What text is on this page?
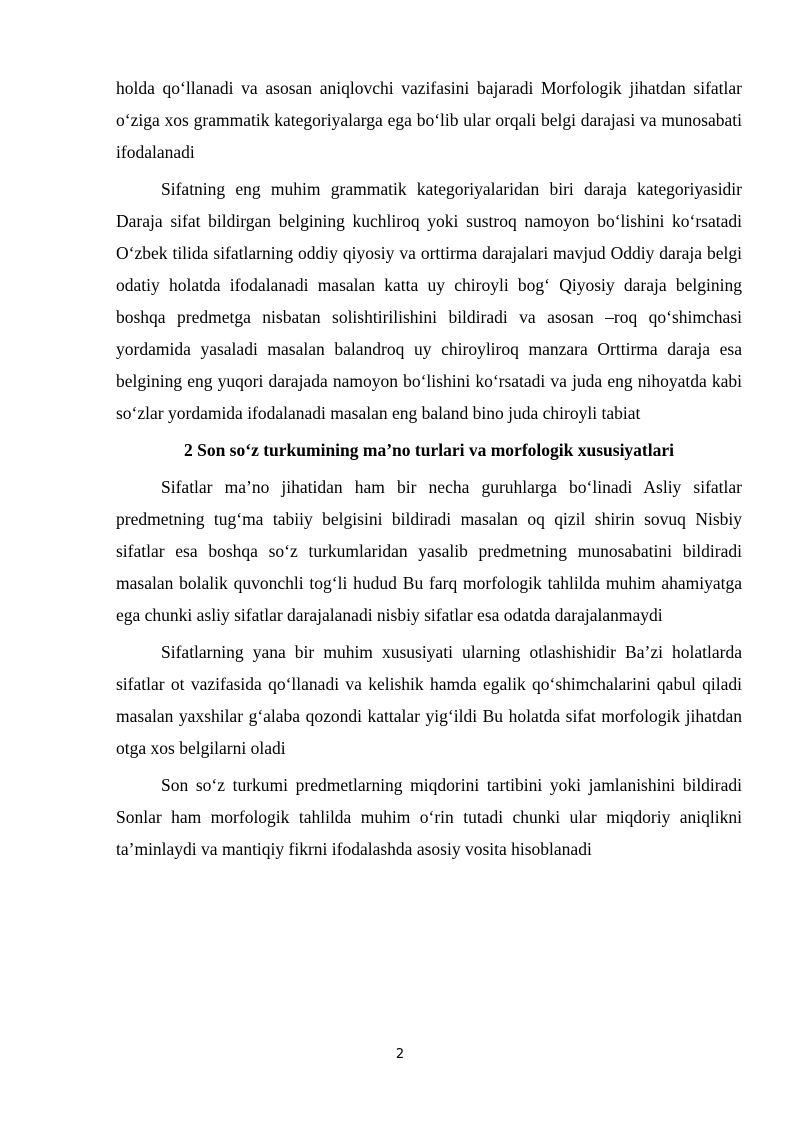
holda qo‘llanadi va asosan aniqlovchi vazifasini bajaradi Morfologik jihatdan sifatlar o‘ziga xos grammatik kategoriyalarga ega bo‘lib ular orqali belgi darajasi va munosabati ifodalanadi

Sifatning eng muhim grammatik kategoriyalaridan biri daraja kategoriyasidir Daraja sifat bildirgan belgining kuchliroq yoki sustroq namoyon bo‘lishini ko‘rsatadi O‘zbek tilida sifatlarning oddiy qiyosiy va orttirma darajalari mavjud Oddiy daraja belgi odatiy holatda ifodalanadi masalan katta uy chiroyli bog‘ Qiyosiy daraja belgining boshqa predmetga nisbatan solishtirilishini bildiradi va asosan –roq qo‘shimchasi yordamida yasaladi masalan balandroq uy chiroyliroq manzara Orttirma daraja esa belgining eng yuqori darajada namoyon bo‘lishini ko‘rsatadi va juda eng nihoyatda kabi so‘zlar yordamida ifodalanadi masalan eng baland bino juda chiroyli tabiat

2 Son so‘z turkumining ma’no turlari va morfologik xususiyatlari

Sifatlar ma’no jihatidan ham bir necha guruhlarga bo‘linadi Asliy sifatlar predmetning tug‘ma tabiiy belgisini bildiradi masalan oq qizil shirin sovuq Nisbiy sifatlar esa boshqa so‘z turkumlaridan yasalib predmetning munosabatini bildiradi masalan bolalik quvonchli tog‘li hudud Bu farq morfologik tahlilda muhim ahamiyatga ega chunki asliy sifatlar darajalanadi nisbiy sifatlar esa odatda darajalanmaydi

Sifatlarning yana bir muhim xususiyati ularning otlashishidir Ba’zi holatlarda sifatlar ot vazifasida qo‘llanadi va kelishik hamda egalik qo‘shimchalarini qabul qiladi masalan yaxshilar g‘alaba qozondi kattalar yig‘ildi Bu holatda sifat morfologik jihatdan otga xos belgilarni oladi

Son so‘z turkumi predmetlarning miqdorini tartibini yoki jamlanishini bildiradi Sonlar ham morfologik tahlilda muhim o‘rin tutadi chunki ular miqdoriy aniqlikni ta’minlaydi va mantiqiy fikrni ifodalashda asosiy vosita hisoblanadi

2
